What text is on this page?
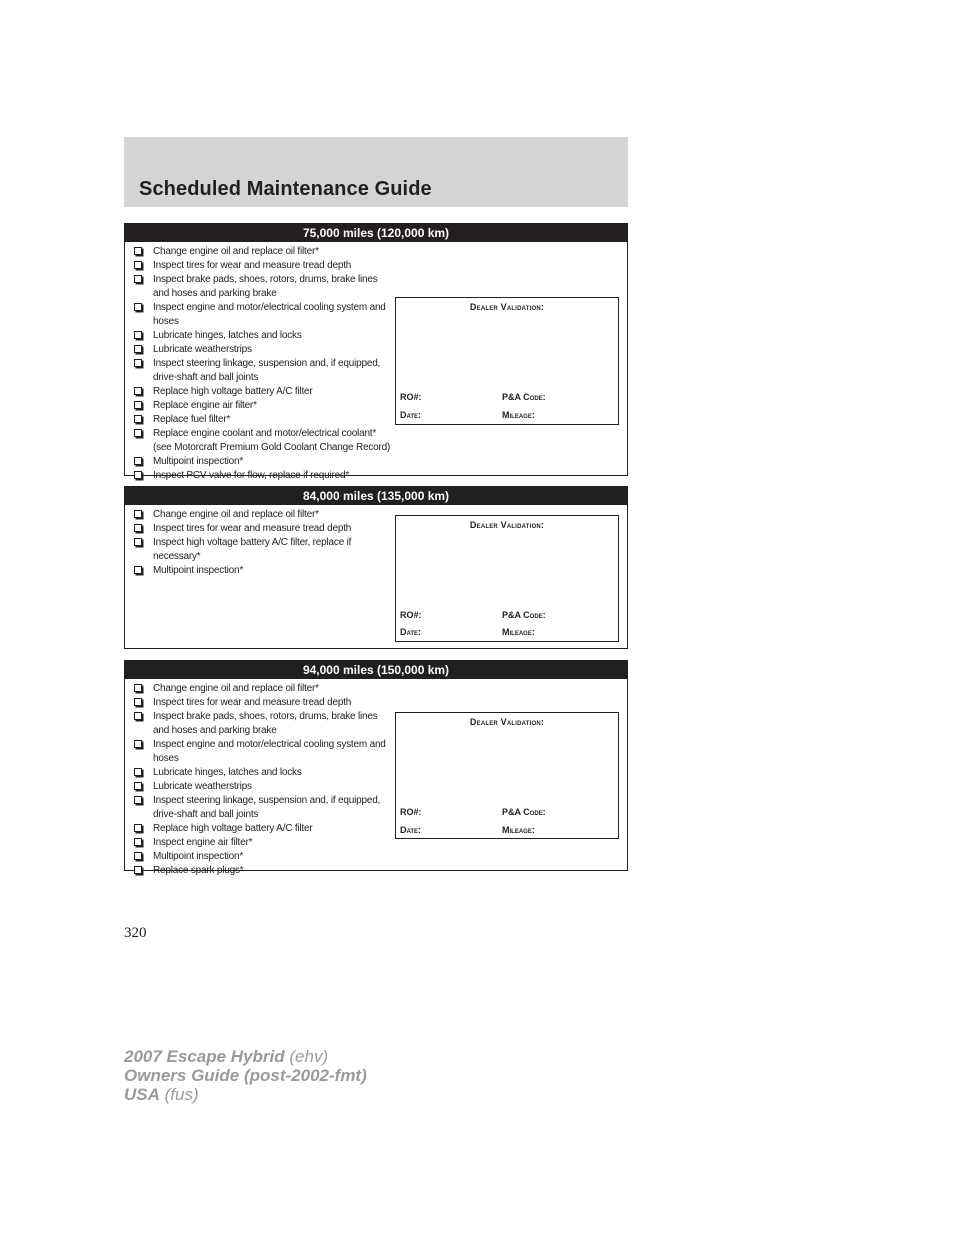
Scheduled Maintenance Guide
75,000 miles (120,000 km)
Change engine oil and replace oil filter*
Inspect tires for wear and measure tread depth
Inspect brake pads, shoes, rotors, drums, brake lines and hoses and parking brake
Inspect engine and motor/electrical cooling system and hoses
Lubricate hinges, latches and locks
Lubricate weatherstrips
Inspect steering linkage, suspension and, if equipped, drive-shaft and ball joints
Replace high voltage battery A/C filter
Replace engine air filter*
Replace fuel filter*
Replace engine coolant and motor/electrical coolant* (see Motorcraft Premium Gold Coolant Change Record)
Multipoint inspection*
Inspect PCV valve for flow, replace if required*
Dealer Validation:
RO#:	P&A Code:
Date:	Mileage:
84,000 miles (135,000 km)
Change engine oil and replace oil filter*
Inspect tires for wear and measure tread depth
Inspect high voltage battery A/C filter, replace if necessary*
Multipoint inspection*
Dealer Validation:
RO#:	P&A Code:
Date:	Mileage:
94,000 miles (150,000 km)
Change engine oil and replace oil filter*
Inspect tires for wear and measure tread depth
Inspect brake pads, shoes, rotors, drums, brake lines and hoses and parking brake
Inspect engine and motor/electrical cooling system and hoses
Lubricate hinges, latches and locks
Lubricate weatherstrips
Inspect steering linkage, suspension and, if equipped, drive-shaft and ball joints
Replace high voltage battery A/C filter
Inspect engine air filter*
Multipoint inspection*
Replace spark plugs*
Dealer Validation:
RO#:	P&A Code:
Date:	Mileage:
320
2007 Escape Hybrid (ehv)
Owners Guide (post-2002-fmt)
USA (fus)
